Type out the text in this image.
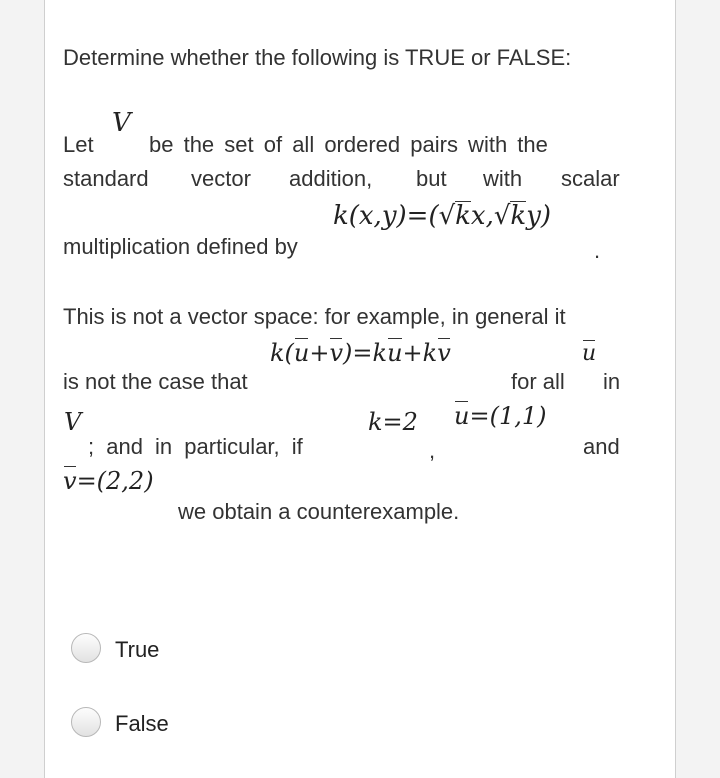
Determine whether the following is TRUE or FALSE:
V
Let	be the set of all ordered pairs with the
standard vector addition, but with scalar
k(x,y)=(√kx,√ky)
multiplication defined by	.
This is not a vector space: for example, in general it
k(u+v)=ku+kv	u
is not the case that	for all in
V	k=2 u=(1,1)
; and in particular, if	,	and
v=(2,2)
we obtain a counterexample.
True
False
